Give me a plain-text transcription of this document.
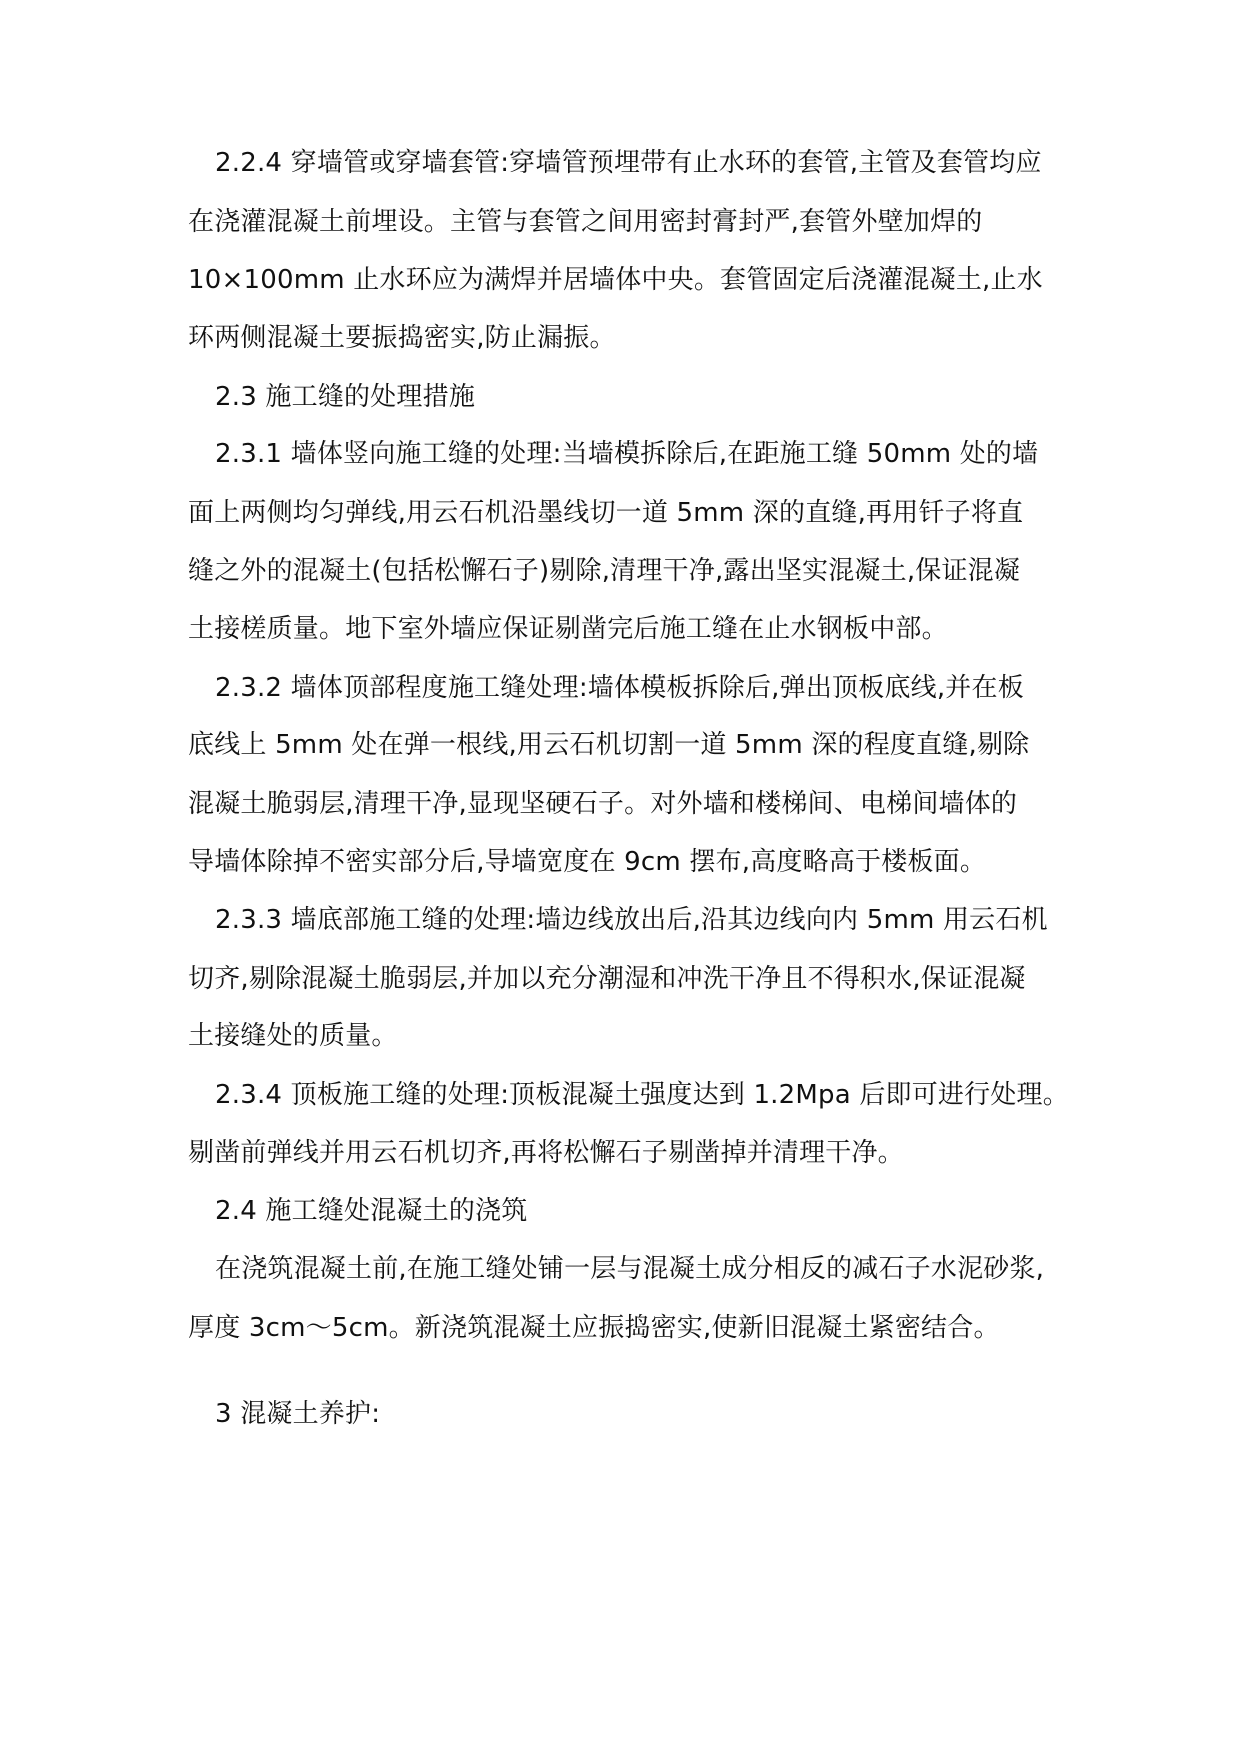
2.2.4 穿墙管或穿墙套管:穿墙管预埋带有止水环的套管,主管及套管均应
在浇灌混凝土前埋设。主管与套管之间用密封膏封严,套管外壁加焊的
10×100mm 止水环应为满焊并居墙体中央。套管固定后浇灌混凝土,止水
环两侧混凝土要振捣密实,防止漏振。
2.3 施工缝的处理措施
2.3.1 墙体竖向施工缝的处理:当墙模拆除后,在距施工缝 50mm 处的墙
面上两侧均匀弹线,用云石机沿墨线切一道 5mm 深的直缝,再用钎子将直
缝之外的混凝土(包括松懈石子)剔除,清理干净,露出坚实混凝土,保证混凝
土接槎质量。地下室外墙应保证剔凿完后施工缝在止水钢板中部。
2.3.2 墙体顶部程度施工缝处理:墙体模板拆除后,弹出顶板底线,并在板
底线上 5mm 处在弹一根线,用云石机切割一道 5mm 深的程度直缝,剔除
混凝土脆弱层,清理干净,显现坚硬石子。对外墙和楼梯间、电梯间墙体的
导墙体除掉不密实部分后,导墙宽度在 9cm 摆布,高度略高于楼板面。
2.3.3 墙底部施工缝的处理:墙边线放出后,沿其边线向内 5mm 用云石机
切齐,剔除混凝土脆弱层,并加以充分潮湿和冲洗干净且不得积水,保证混凝
土接缝处的质量。
2.3.4 顶板施工缝的处理:顶板混凝土强度达到 1.2Mpa 后即可进行处理。
剔凿前弹线并用云石机切齐,再将松懈石子剔凿掉并清理干净。
2.4 施工缝处混凝土的浇筑
在浇筑混凝土前,在施工缝处铺一层与混凝土成分相反的减石子水泥砂浆,
厚度 3cm～5cm。新浇筑混凝土应振捣密实,使新旧混凝土紧密结合。
3 混凝土养护:
